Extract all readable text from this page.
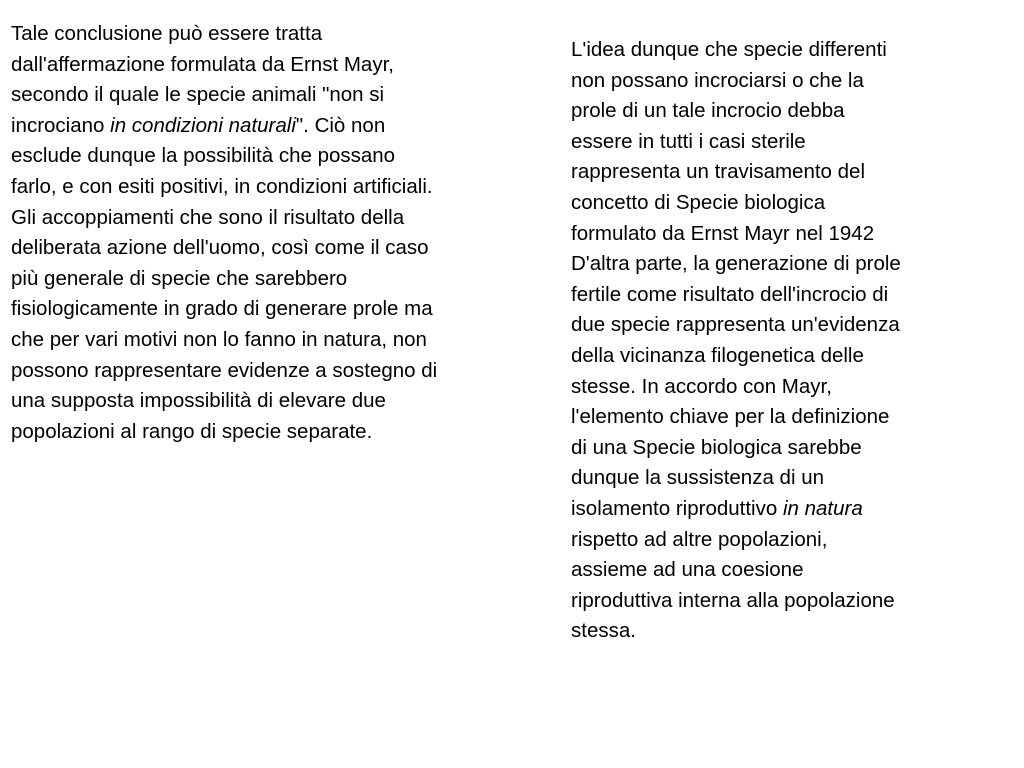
Tale conclusione può essere tratta
dall'affermazione formulata da Ernst Mayr,
secondo il quale le specie animali "non si
incrociano in condizioni naturali". Ciò non
esclude dunque la possibilità che possano
farlo, e con esiti positivi, in condizioni artificiali.
Gli accoppiamenti che sono il risultato della
deliberata azione dell'uomo, così come il caso
più generale di specie che sarebbero
fisiologicamente in grado di generare prole ma
che per vari motivi non lo fanno in natura, non
possono rappresentare evidenze a sostegno di
una supposta impossibilità di elevare due
popolazioni al rango di specie separate.
L'idea dunque che specie differenti
non possano incrociarsi o che la
prole di un tale incrocio debba
essere in tutti i casi sterile
rappresenta un travisamento del
concetto di Specie biologica
formulato da Ernst Mayr nel 1942
D'altra parte, la generazione di prole
fertile come risultato dell'incrocio di
due specie rappresenta un'evidenza
della vicinanza filogenetica delle
stesse. In accordo con Mayr,
l'elemento chiave per la definizione
di una Specie biologica sarebbe
dunque la sussistenza di un
isolamento riproduttivo in natura
rispetto ad altre popolazioni,
assieme ad una coesione
riproduttiva interna alla popolazione
stessa.
